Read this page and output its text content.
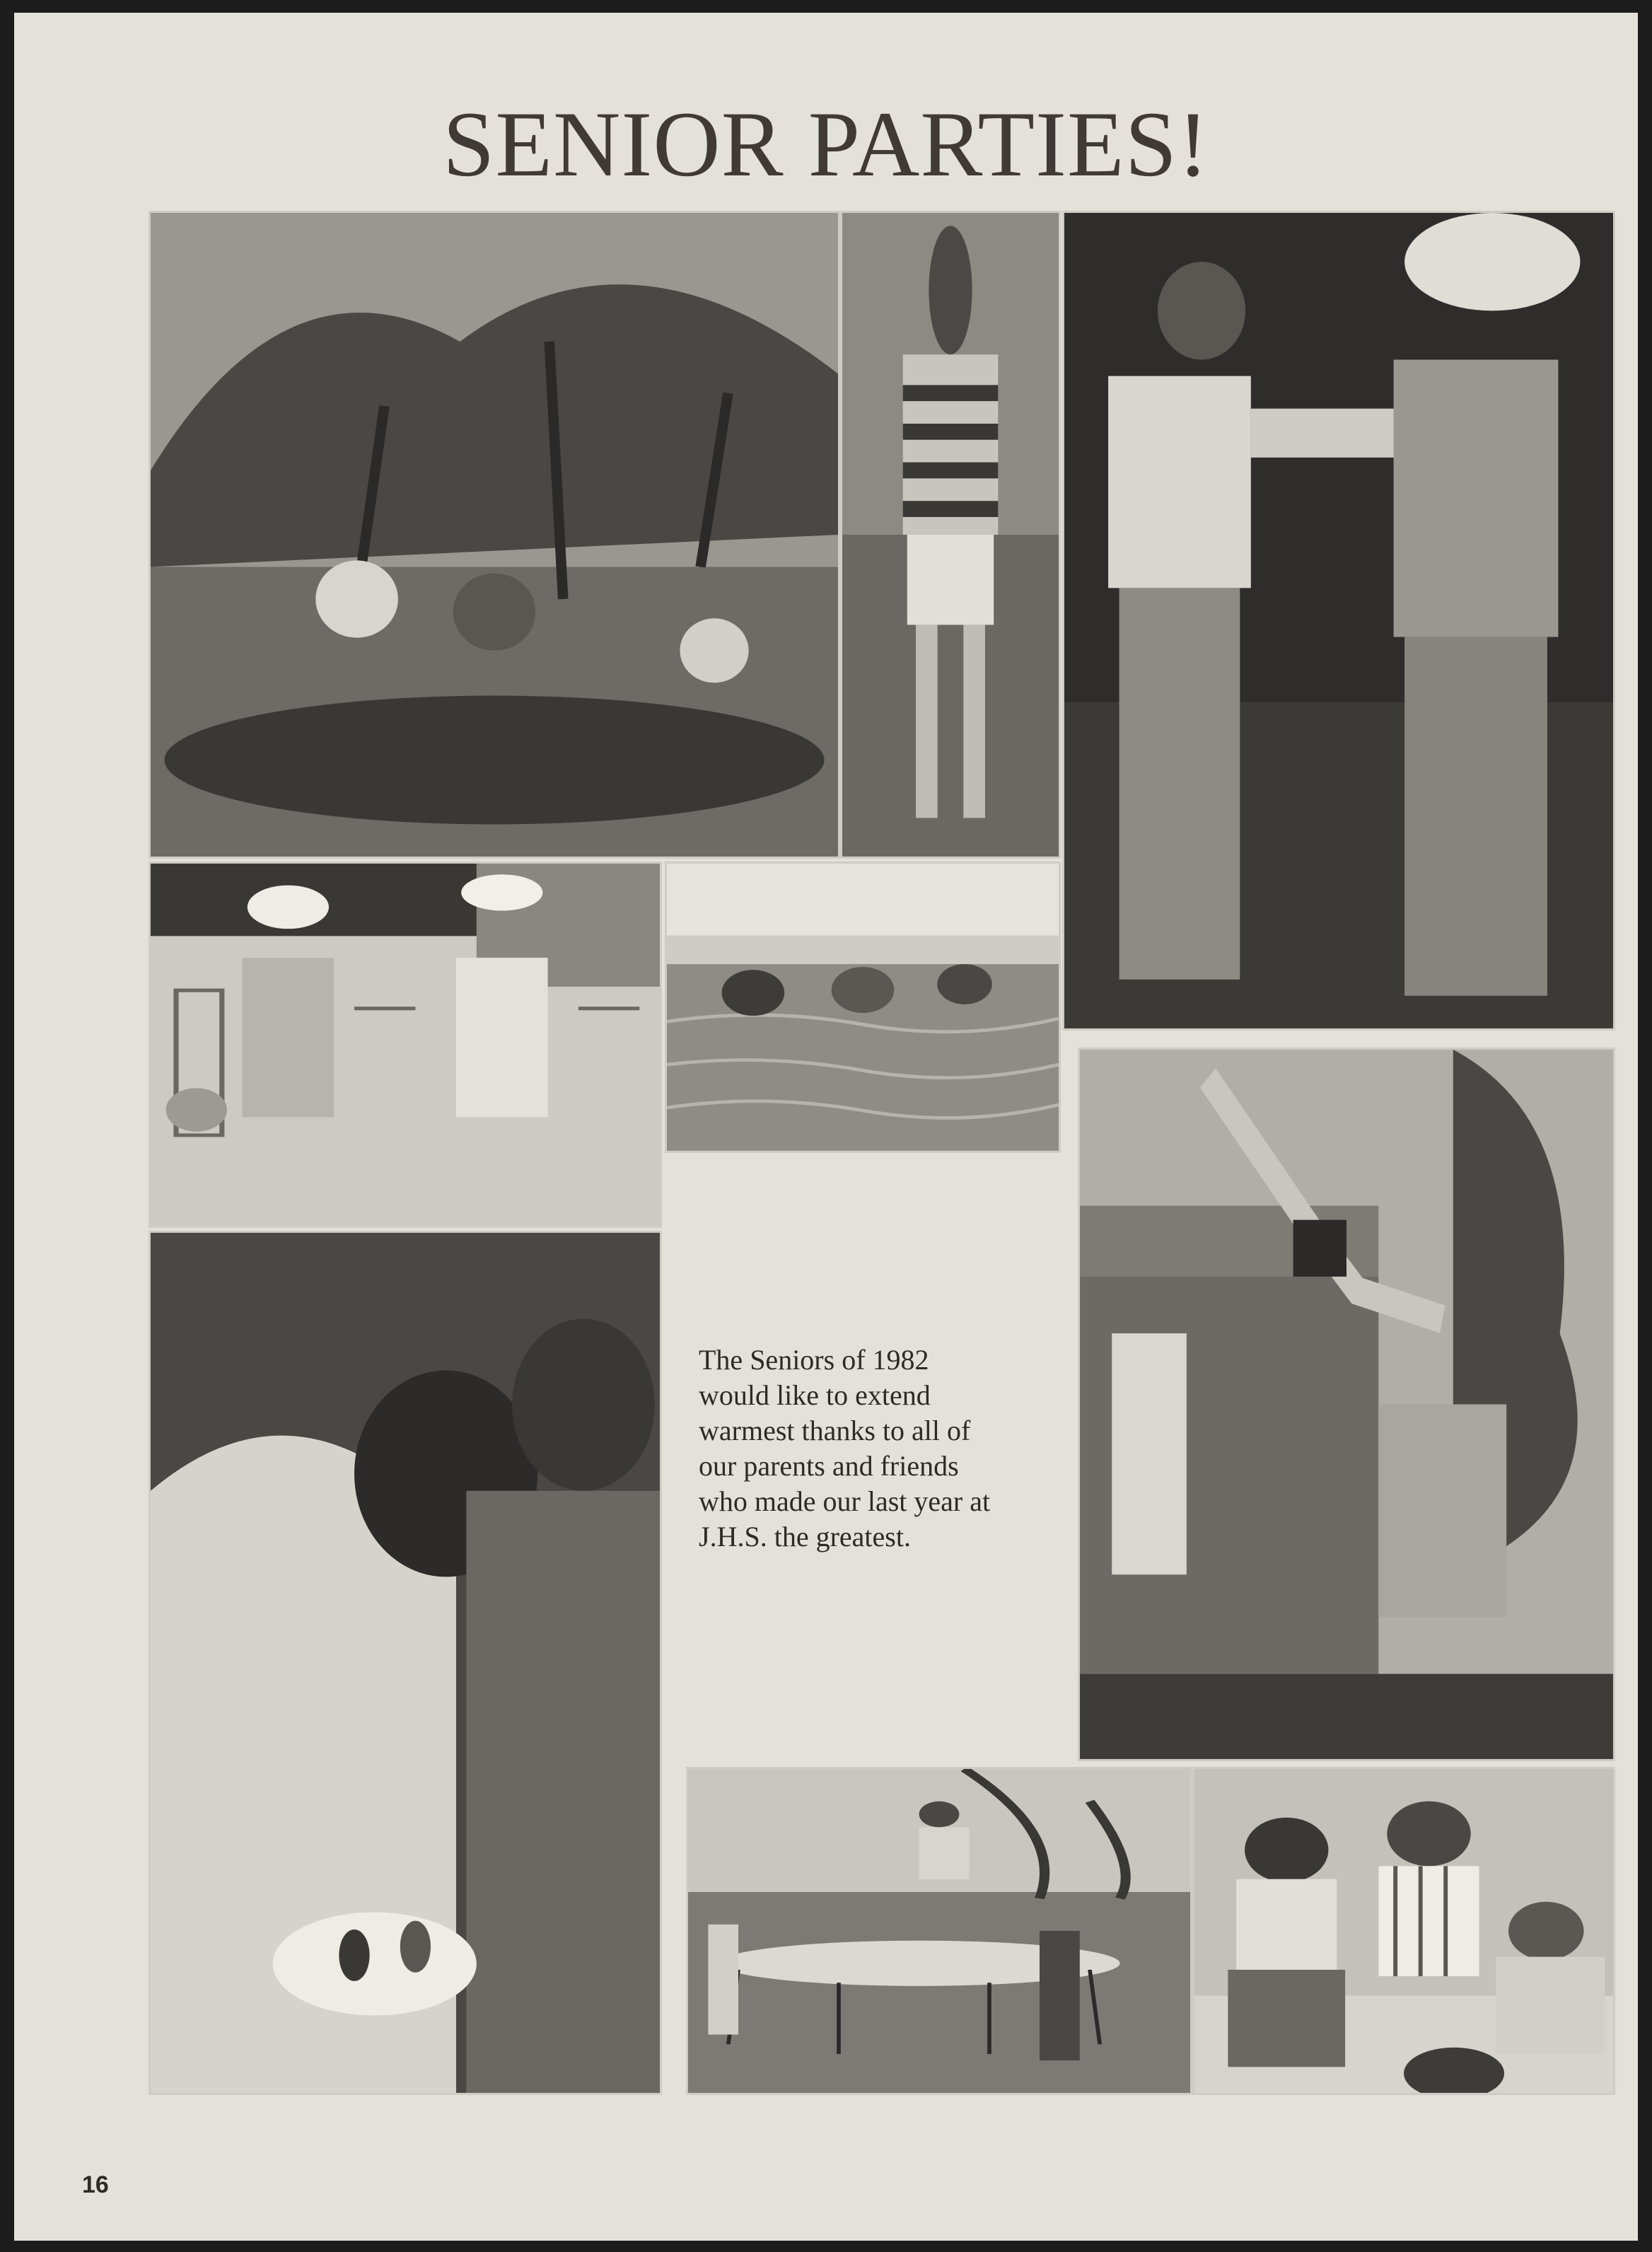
SENIOR PARTIES!
The Seniors of 1982
would like to extend
warmest thanks to all of
our parents and friends
who made our last year at
J.H.S. the greatest.
16
